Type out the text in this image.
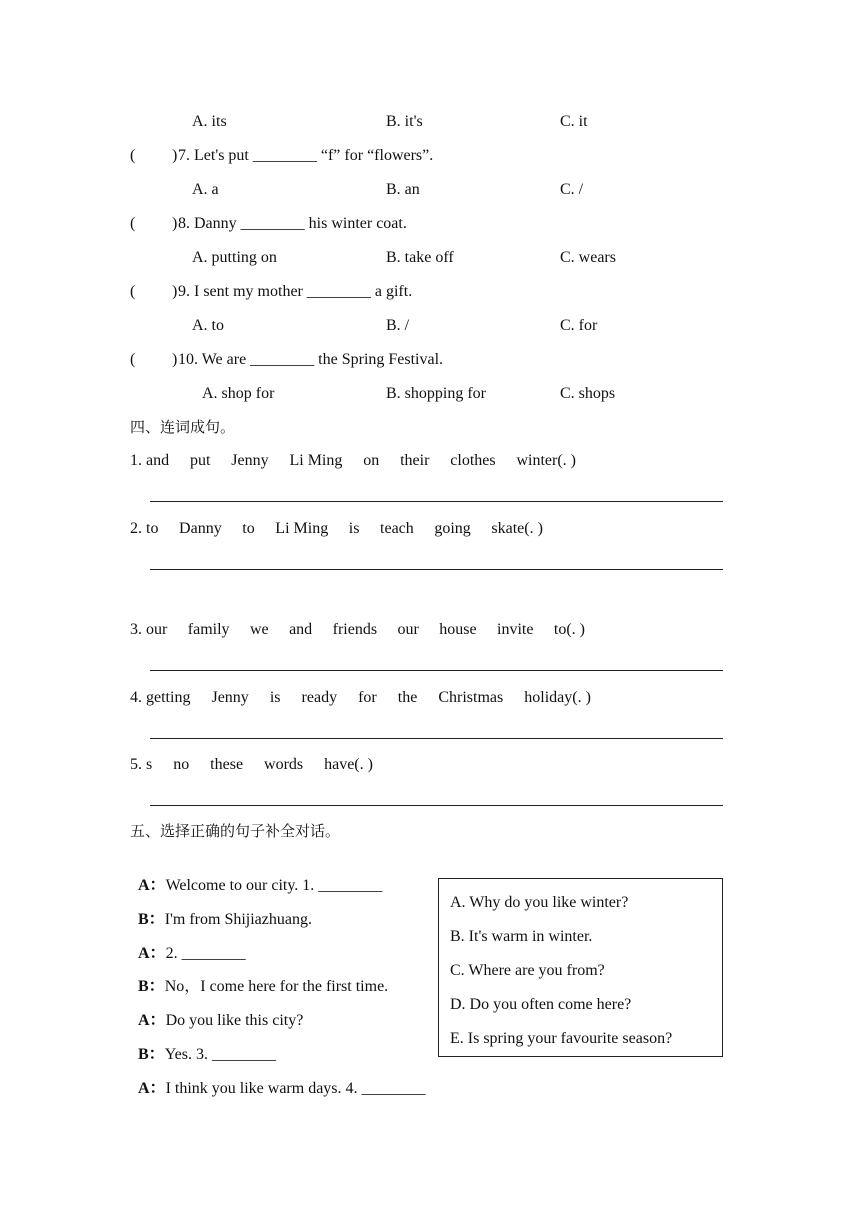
A. its	B. it's	C. it
( ) 7. Let's put ________ “f” for “flowers”.
A. a	B. an	C. /
( ) 8. Danny ________ his winter coat.
A. putting on	B. take off	C. wears
( ) 9. I sent my mother ________ a gift.
A. to	B. /	C. for
( ) 10. We are ________ the Spring Festival.
A. shop for	B. shopping for	C. shops
四、连词成句。
1. and put Jenny Li Ming on their clothes winter(. )
2. to Danny to Li Ming is teach going skate(. )
3. our family we and friends our house invite to(. )
4. getting Jenny is ready for the Christmas holiday(. )
5. s no these words have(. )
五、选择正确的句子补全对话。

A：Welcome to our city. 1. ________

B：I'm from Shijiazhuang.

A：2. ________

B：No，I come here for the first time.

A：Do you like this city?

B：Yes. 3. ________

A：I think you like warm days. 4. ________

A. Why do you like winter?
B. It's warm in winter.
C. Where are you from?
D. Do you often come here?
E. Is spring your favourite season?
